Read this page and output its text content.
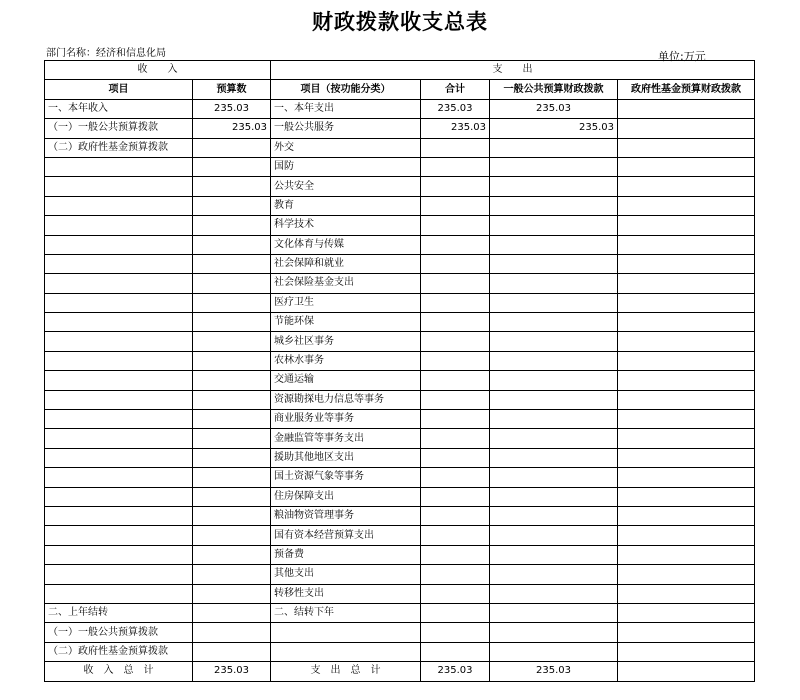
财政拨款收支总表
部门名称：经济和信息化局	单位:万元
收　　入		支　　出			
项目	预算数	项目（按功能分类）	合计	一般公共预算财政拨款	政府性基金预算财政拨款
一、本年收入	235.03	一、本年支出	235.03	235.03	
（一）一般公共预算拨款	235.03	一般公共服务	235.03	235.03	
（二）政府性基金预算拨款		外交			
		国防			
		公共安全			
		教育			
		科学技术			
		文化体育与传媒			
		社会保障和就业			
		社会保险基金支出			
		医疗卫生			
		节能环保			
		城乡社区事务			
		农林水事务			
		交通运输			
		资源勘探电力信息等事务			
		商业服务业等事务			
		金融监管等事务支出			
		援助其他地区支出			
		国土资源气象等事务			
		住房保障支出			
		粮油物资管理事务			
		国有资本经营预算支出			
		预备费			
		其他支出			
		转移性支出			
二、上年结转		二、结转下年			
（一）一般公共预算拨款					
（二）政府性基金预算拨款					
收　入　总　计	235.03	支　出　总　计	235.03	235.03	
